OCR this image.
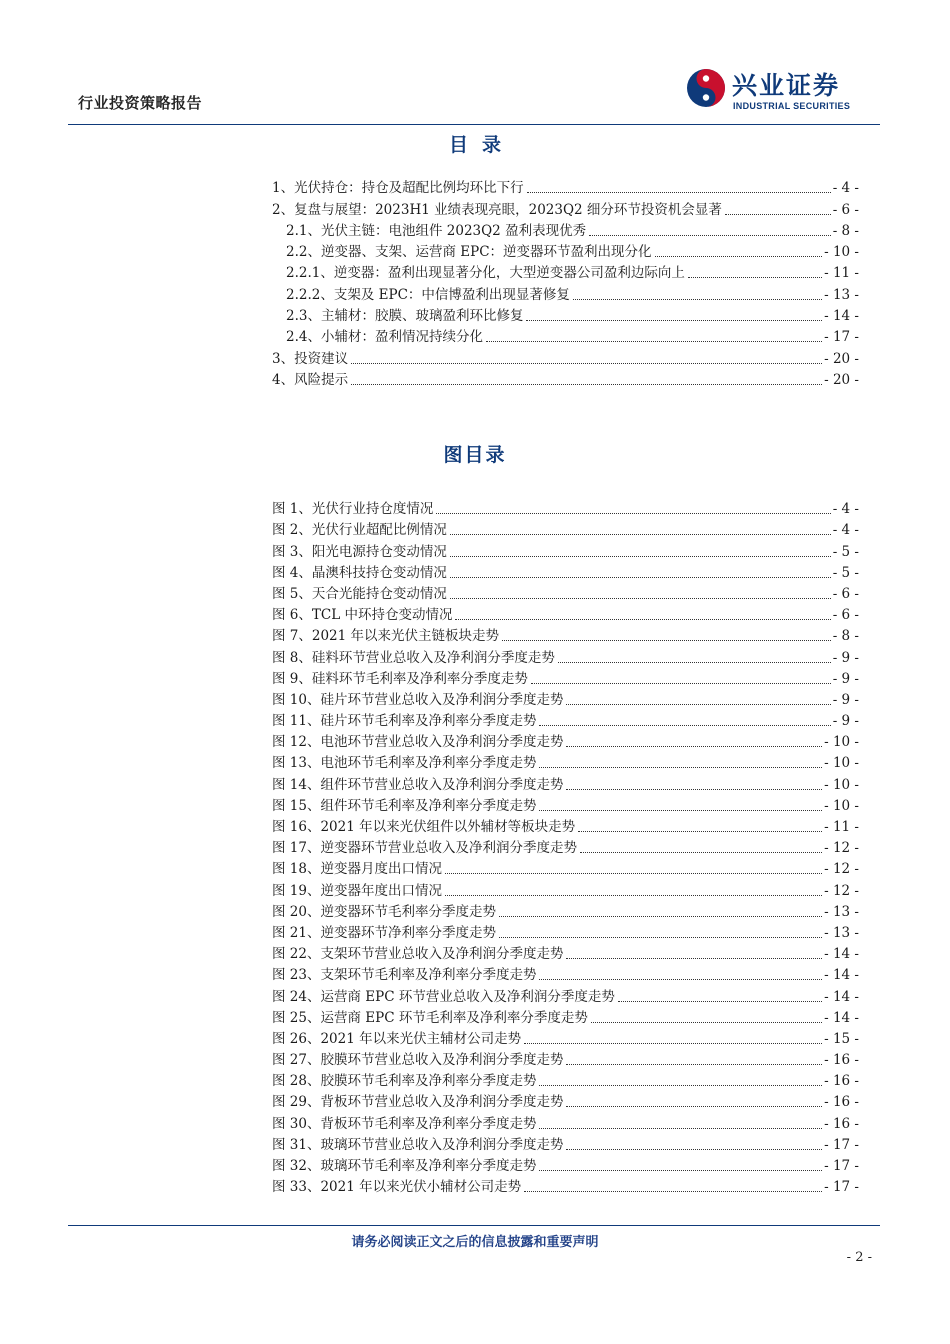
行业投资策略报告
兴业证券
INDUSTRIAL SECURITIES
目录
1、光伏持仓：持仓及超配比例均环比下行	- 4 -
2、复盘与展望：2023H1 业绩表现亮眼，2023Q2 细分环节投资机会显著	- 6 -
2.1、光伏主链：电池组件 2023Q2 盈利表现优秀	- 8 -
2.2、逆变器、支架、运营商 EPC：逆变器环节盈利出现分化	- 10 -
2.2.1、逆变器：盈利出现显著分化，大型逆变器公司盈利边际向上	- 11 -
2.2.2、支架及 EPC：中信博盈利出现显著修复	- 13 -
2.3、主辅材：胶膜、玻璃盈利环比修复	- 14 -
2.4、小辅材：盈利情况持续分化	- 17 -
3、投资建议	- 20 -
4、风险提示	- 20 -
图目录
图 1、光伏行业持仓度情况	- 4 -
图 2、光伏行业超配比例情况	- 4 -
图 3、阳光电源持仓变动情况	- 5 -
图 4、晶澳科技持仓变动情况	- 5 -
图 5、天合光能持仓变动情况	- 6 -
图 6、TCL 中环持仓变动情况	- 6 -
图 7、2021 年以来光伏主链板块走势	- 8 -
图 8、硅料环节营业总收入及净利润分季度走势	- 9 -
图 9、硅料环节毛利率及净利率分季度走势	- 9 -
图 10、硅片环节营业总收入及净利润分季度走势	- 9 -
图 11、硅片环节毛利率及净利率分季度走势	- 9 -
图 12、电池环节营业总收入及净利润分季度走势	- 10 -
图 13、电池环节毛利率及净利率分季度走势	- 10 -
图 14、组件环节营业总收入及净利润分季度走势	- 10 -
图 15、组件环节毛利率及净利率分季度走势	- 10 -
图 16、2021 年以来光伏组件以外辅材等板块走势	- 11 -
图 17、逆变器环节营业总收入及净利润分季度走势	- 12 -
图 18、逆变器月度出口情况	- 12 -
图 19、逆变器年度出口情况	- 12 -
图 20、逆变器环节毛利率分季度走势	- 13 -
图 21、逆变器环节净利率分季度走势	- 13 -
图 22、支架环节营业总收入及净利润分季度走势	- 14 -
图 23、支架环节毛利率及净利率分季度走势	- 14 -
图 24、运营商 EPC 环节营业总收入及净利润分季度走势	- 14 -
图 25、运营商 EPC 环节毛利率及净利率分季度走势	- 14 -
图 26、2021 年以来光伏主辅材公司走势	- 15 -
图 27、胶膜环节营业总收入及净利润分季度走势	- 16 -
图 28、胶膜环节毛利率及净利率分季度走势	- 16 -
图 29、背板环节营业总收入及净利润分季度走势	- 16 -
图 30、背板环节毛利率及净利率分季度走势	- 16 -
图 31、玻璃环节营业总收入及净利润分季度走势	- 17 -
图 32、玻璃环节毛利率及净利率分季度走势	- 17 -
图 33、2021 年以来光伏小辅材公司走势	- 17 -
请务必阅读正文之后的信息披露和重要声明
- 2 -
